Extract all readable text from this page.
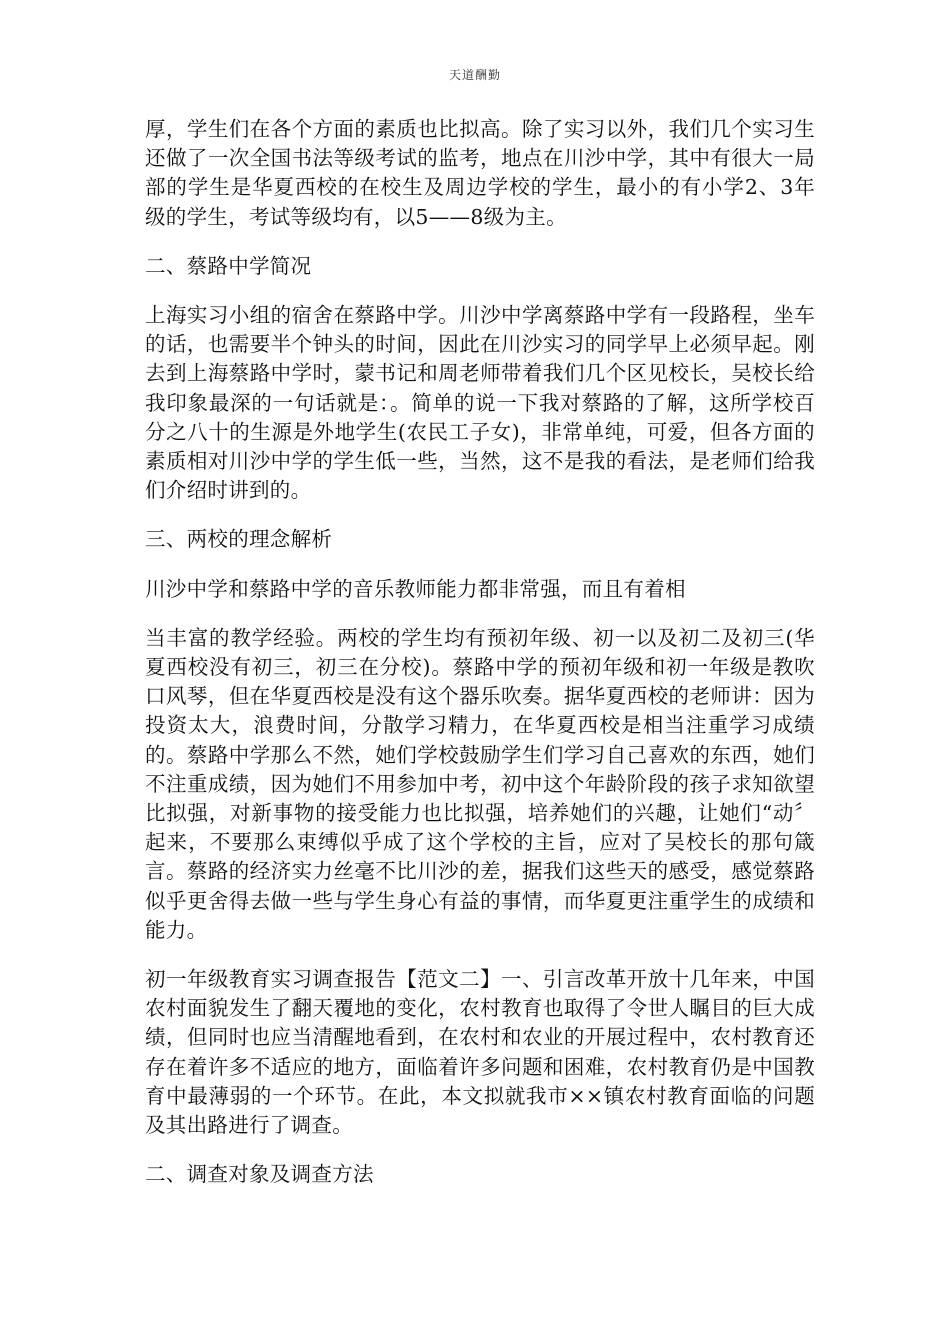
天道酬勤

厚，学生们在各个方面的素质也比拟高。除了实习以外，我们几个实习生还做了一次全国书法等级考试的监考，地点在川沙中学，其中有很大一局部的学生是华夏西校的在校生及周边学校的学生，最小的有小学2、3年级的学生，考试等级均有，以5——8级为主。

二、蔡路中学简况

上海实习小组的宿舍在蔡路中学。川沙中学离蔡路中学有一段路程，坐车的话，也需要半个钟头的时间，因此在川沙实习的同学早上必须早起。刚去到上海蔡路中学时，蒙书记和周老师带着我们几个区见校长，吴校长给我印象最深的一句话就是：。简单的说一下我对蔡路的了解，这所学校百分之八十的生源是外地学生(农民工子女)，非常单纯，可爱，但各方面的素质相对川沙中学的学生低一些，当然，这不是我的看法，是老师们给我们介绍时讲到的。

三、两校的理念解析

川沙中学和蔡路中学的音乐教师能力都非常强，而且有着相

当丰富的教学经验。两校的学生均有预初年级、初一以及初二及初三(华夏西校没有初三，初三在分校)。蔡路中学的预初年级和初一年级是教吹口风琴，但在华夏西校是没有这个器乐吹奏。据华夏西校的老师讲：因为投资太大，浪费时间，分散学习精力，在华夏西校是相当注重学习成绩的。蔡路中学那么不然，她们学校鼓励学生们学习自己喜欢的东西，她们不注重成绩，因为她们不用参加中考，初中这个年龄阶段的孩子求知欲望比拟强，对新事物的接受能力也比拟强，培养她们的兴趣，让她们“动〞起来，不要那么束缚似乎成了这个学校的主旨，应对了吴校长的那句箴言。蔡路的经济实力丝毫不比川沙的差，据我们这些天的感受，感觉蔡路似乎更舍得去做一些与学生身心有益的事情，而华夏更注重学生的成绩和能力。

初一年级教育实习调查报告【范文二】一、引言改革开放十几年来，中国农村面貌发生了翻天覆地的变化，农村教育也取得了令世人瞩目的巨大成绩，但同时也应当清醒地看到，在农村和农业的开展过程中，农村教育还存在着许多不适应的地方，面临着许多问题和困难，农村教育仍是中国教育中最薄弱的一个环节。在此，本文拟就我市××镇农村教育面临的问题及其出路进行了调查。

二、调查对象及调查方法
